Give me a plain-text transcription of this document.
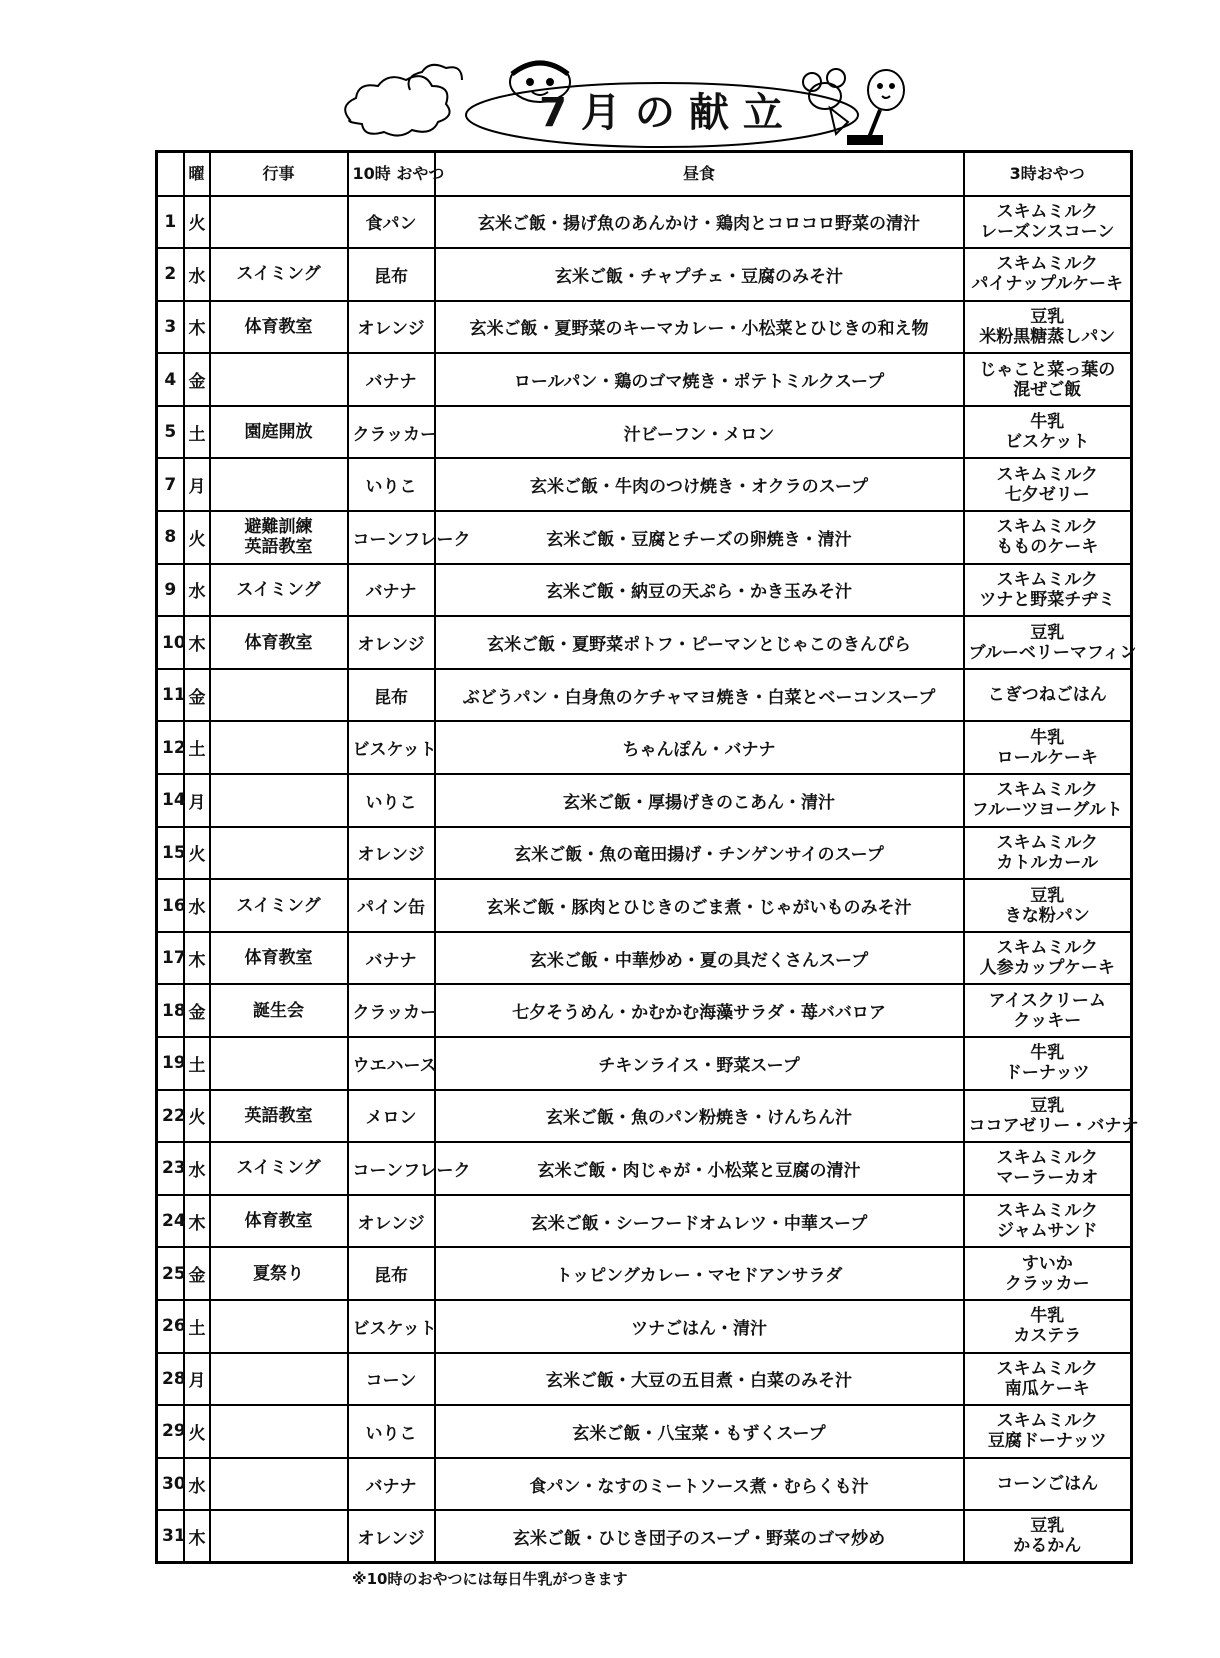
7月の献立
	曜	行事	10時 おやつ	昼食	3時おやつ
1	火		食パン	玄米ご飯・揚げ魚のあんかけ・鶏肉とコロコロ野菜の清汁	スキムミルク
レーズンスコーン

2	水	スイミング	昆布	玄米ご飯・チャプチェ・豆腐のみそ汁	スキムミルク
パイナップルケーキ

3	木	体育教室	オレンジ	玄米ご飯・夏野菜のキーマカレー・小松菜とひじきの和え物	豆乳
米粉黒糖蒸しパン

4	金		バナナ	ロールパン・鶏のゴマ焼き・ポテトミルクスープ	じゃこと菜っ葉の
混ぜご飯

5	土	園庭開放	クラッカー	汁ビーフン・メロン	牛乳
ビスケット

7	月		いりこ	玄米ご飯・牛肉のつけ焼き・オクラのスープ	スキムミルク
七夕ゼリー

8	火	避難訓練
英語教室	コーンフレーク	玄米ご飯・豆腐とチーズの卵焼き・清汁	スキムミルク
もものケーキ

9	水	スイミング	バナナ	玄米ご飯・納豆の天ぷら・かき玉みそ汁	スキムミルク
ツナと野菜チヂミ

10	木	体育教室	オレンジ	玄米ご飯・夏野菜ポトフ・ピーマンとじゃこのきんぴら	豆乳
ブルーベリーマフィン

11	金		昆布	ぶどうパン・白身魚のケチャマヨ焼き・白菜とベーコンスープ	こぎつねごはん

12	土		ビスケット	ちゃんぽん・バナナ	牛乳
ロールケーキ

14	月		いりこ	玄米ご飯・厚揚げきのこあん・清汁	スキムミルク
フルーツヨーグルト

15	火		オレンジ	玄米ご飯・魚の竜田揚げ・チンゲンサイのスープ	スキムミルク
カトルカール

16	水	スイミング	パイン缶	玄米ご飯・豚肉とひじきのごま煮・じゃがいものみそ汁	豆乳
きな粉パン

17	木	体育教室	バナナ	玄米ご飯・中華炒め・夏の具だくさんスープ	スキムミルク
人参カップケーキ

18	金	誕生会	クラッカー	七夕そうめん・かむかむ海藻サラダ・苺ババロア	アイスクリーム
クッキー

19	土		ウエハース	チキンライス・野菜スープ	牛乳
ドーナッツ

22	火	英語教室	メロン	玄米ご飯・魚のパン粉焼き・けんちん汁	豆乳
ココアゼリー・バナナ

23	水	スイミング	コーンフレーク	玄米ご飯・肉じゃが・小松菜と豆腐の清汁	スキムミルク
マーラーカオ

24	木	体育教室	オレンジ	玄米ご飯・シーフードオムレツ・中華スープ	スキムミルク
ジャムサンド

25	金	夏祭り	昆布	トッピングカレー・マセドアンサラダ	すいか
クラッカー

26	土		ビスケット	ツナごはん・清汁	牛乳
カステラ

28	月		コーン	玄米ご飯・大豆の五目煮・白菜のみそ汁	スキムミルク
南瓜ケーキ

29	火		いりこ	玄米ご飯・八宝菜・もずくスープ	スキムミルク
豆腐ドーナッツ

30	水		バナナ	食パン・なすのミートソース煮・むらくも汁	コーンごはん

31	木		オレンジ	玄米ご飯・ひじき団子のスープ・野菜のゴマ炒め	豆乳
かるかん
※10時のおやつには毎日牛乳がつきます
